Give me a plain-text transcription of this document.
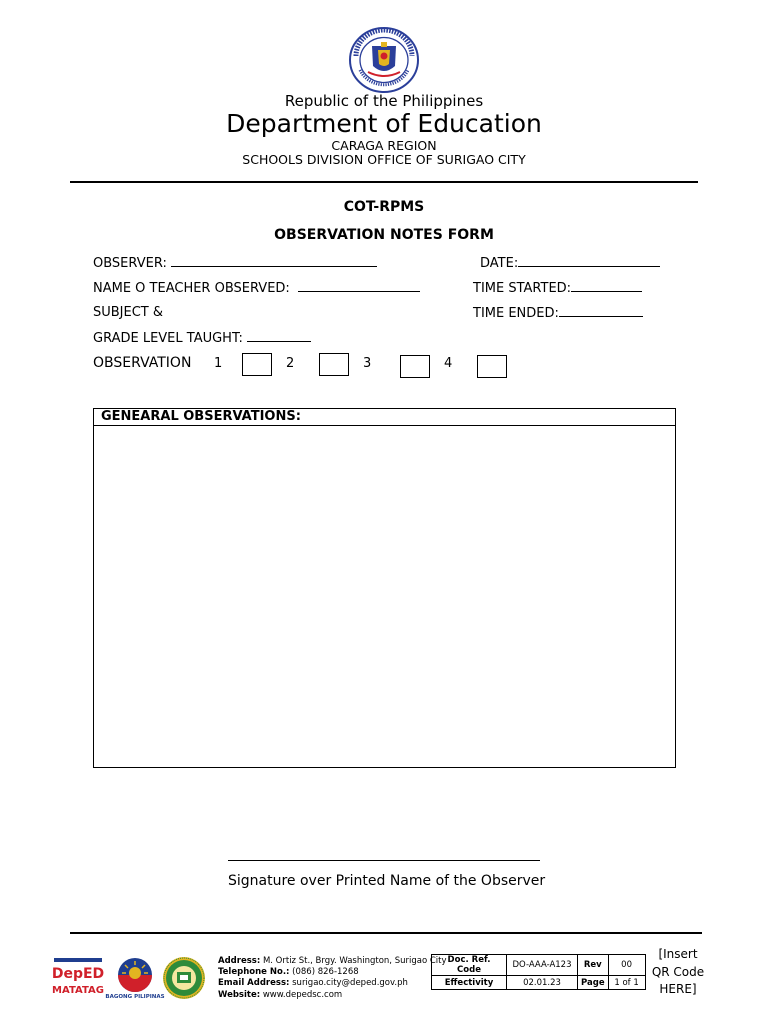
Republic of the Philippines
Department of Education
CARAGA REGION
SCHOOLS DIVISION OFFICE OF SURIGAO CITY
COT-RPMS
OBSERVATION NOTES FORM
OBSERVER:	DATE:
NAME O TEACHER OBSERVED:	TIME STARTED:
SUBJECT &	TIME ENDED:
GRADE LEVEL TAUGHT:
OBSERVATION 1	2	3	4
GENEARAL OBSERVATIONS:
Signature over Printed Name of the Observer
DepED
MATATAG
BAGONG PILIPINAS
Address: M. Ortiz St., Brgy. Washington, Surigao City
Telephone No.: (086) 826-1268
Email Address: surigao.city@deped.gov.ph
Website: www.depedsc.com
Doc. Ref. Code	DO-AAA-A123	Rev	00
Effectivity	02.01.23	Page	1 of 1
[Insert
QR Code
HERE]
